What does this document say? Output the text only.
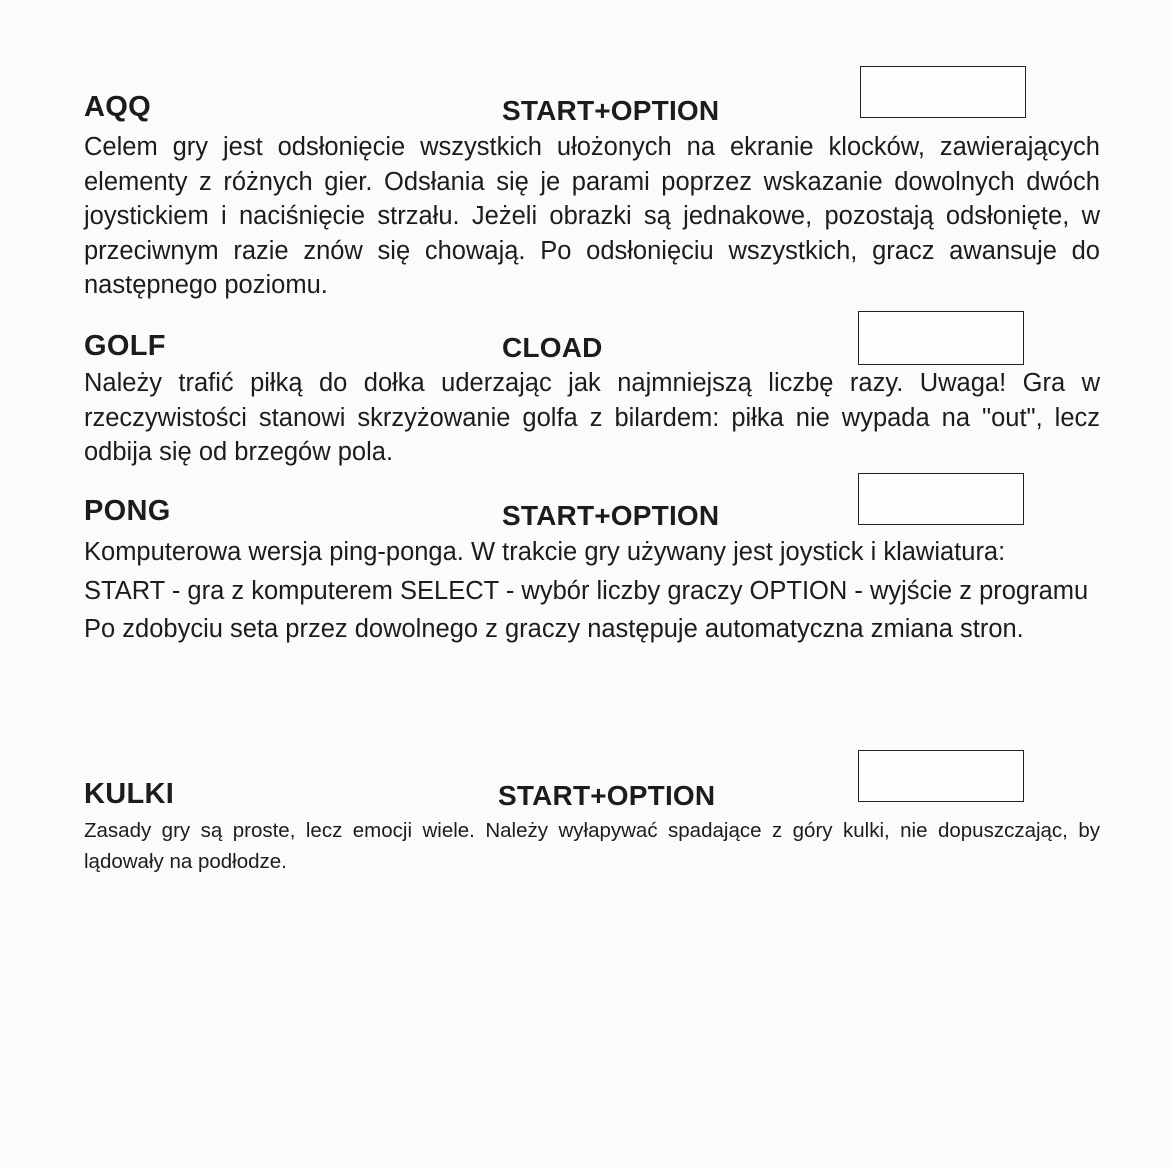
AQQ	START+OPTION

Celem gry jest odsłonięcie wszystkich ułożonych na ekranie klocków, zawierających elementy z różnych gier. Odsłania się je parami poprzez wskazanie dowolnych dwóch joystickiem i naciśnięcie strzału. Jeżeli obrazki są jednakowe, pozostają odsłonięte, w przeciwnym razie znów się chowają. Po odsłonięciu wszystkich, gracz awansuje do następnego poziomu.

GOLF	CLOAD

Należy trafić piłką do dołka uderzając jak najmniejszą liczbę razy. Uwaga! Gra w rzeczywistości stanowi skrzyżowanie golfa z bilardem: piłka nie wypada na "out", lecz odbija się od brzegów pola.

PONG	START+OPTION

Komputerowa wersja ping-ponga. W trakcie gry używany jest joystick i klawiatura:

START - gra z komputerem SELECT - wybór liczby graczy OPTION - wyjście z programu

Po zdobyciu seta przez dowolnego z graczy następuje automatyczna zmiana stron.

KULKI	START+OPTION

Zasady gry są proste, lecz emocji wiele. Należy wyłapywać spadające z góry kulki, nie dopuszczając, by lądowały na podłodze.
